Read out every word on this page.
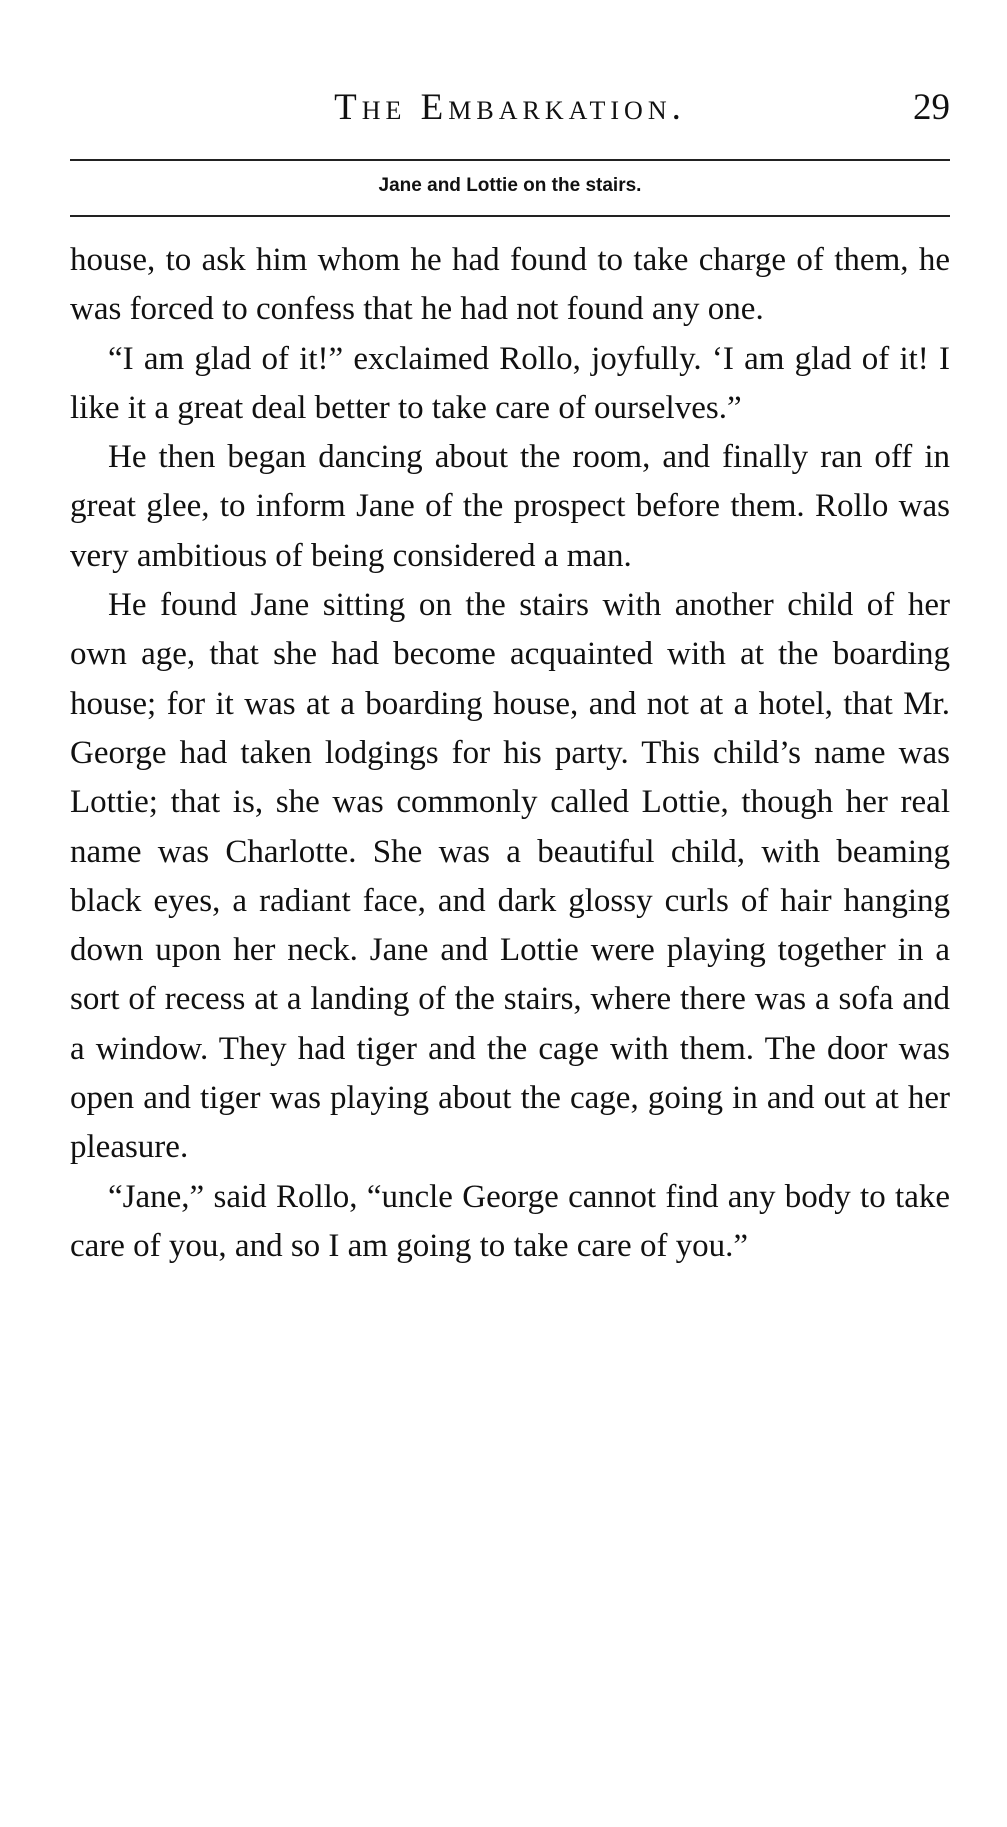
The Embarkation.	29
Jane and Lottie on the stairs.

house, to ask him whom he had found to take charge of them, he was forced to confess that he had not found any one.

“I am glad of it!” exclaimed Rollo, joyfully. ‘I am glad of it! I like it a great deal better to take care of ourselves.”

He then began dancing about the room, and finally ran off in great glee, to inform Jane of the prospect before them. Rollo was very ambitious of being considered a man.

He found Jane sitting on the stairs with another child of her own age, that she had become acquainted with at the boarding house; for it was at a boarding house, and not at a hotel, that Mr. George had taken lodgings for his party. This child’s name was Lottie; that is, she was commonly called Lottie, though her real name was Charlotte. She was a beautiful child, with beaming black eyes, a radiant face, and dark glossy curls of hair hanging down upon her neck. Jane and Lottie were playing together in a sort of recess at a landing of the stairs, where there was a sofa and a window. They had tiger and the cage with them. The door was open and tiger was playing about the cage, going in and out at her pleasure.

“Jane,” said Rollo, “uncle George cannot find any body to take care of you, and so I am going to take care of you.”
